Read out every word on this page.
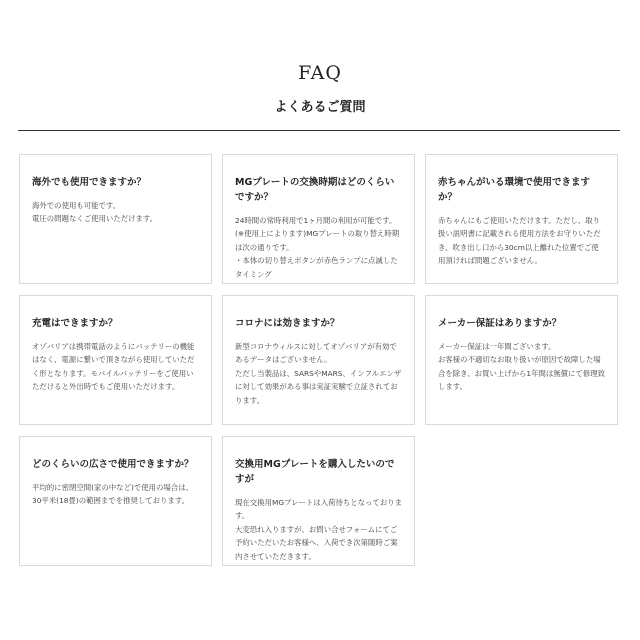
FAQ
よくあるご質問

海外でも使用できますか？

海外での使用も可能です。
電圧の問題なくご使用いただけます。

MGプレートの交換時期はどのくらいですか？

24時間の常時利用で1ヶ月間の利用が可能です。(※使用上によります)MGプレートの取り替え時期は次の通りです。
・本体の切り替えボタンが赤色ランプに点滅したタイミング

赤ちゃんがいる環境で使用できますか？

赤ちゃんにもご使用いただけます。ただし、取り扱い説明書に記載される使用方法をお守りいただき、吹き出し口から30cm以上離れた位置でご使用頂ければ問題ございません。

充電はできますか？

オゾバリアは携帯電話のようにバッテリーの機能はなく、電源に繋いで頂きながら使用していただく形となります。モバイルバッテリーをご使用いただけると外出時でもご使用いただけます。

コロナには効きますか？

新型コロナウィルスに対してオゾバリアが有効であるデータはございません。
ただし当製品は、SARSやMARS、インフルエンザに対して効果がある事は実証実験で立証されております。

メーカー保証はありますか？

メーカー保証は一年間ございます。
お客様の不適切なお取り扱いが原因で故障した場合を除き、お買い上げから1年間は無償にて修理致します。

どのくらいの広さで使用できますか？

平均的に密閉空間(家の中など)で使用の場合は、30平米(18畳)の範囲までを推奨しております。

交換用MGプレートを購入したいのですが

現在交換用MGプレートは入荷待ちとなっております。
大変恐れ入りますが、お問い合せフォームにてご予約いただいたお客様へ、入荷でき次第随時ご案内させていただきます。
